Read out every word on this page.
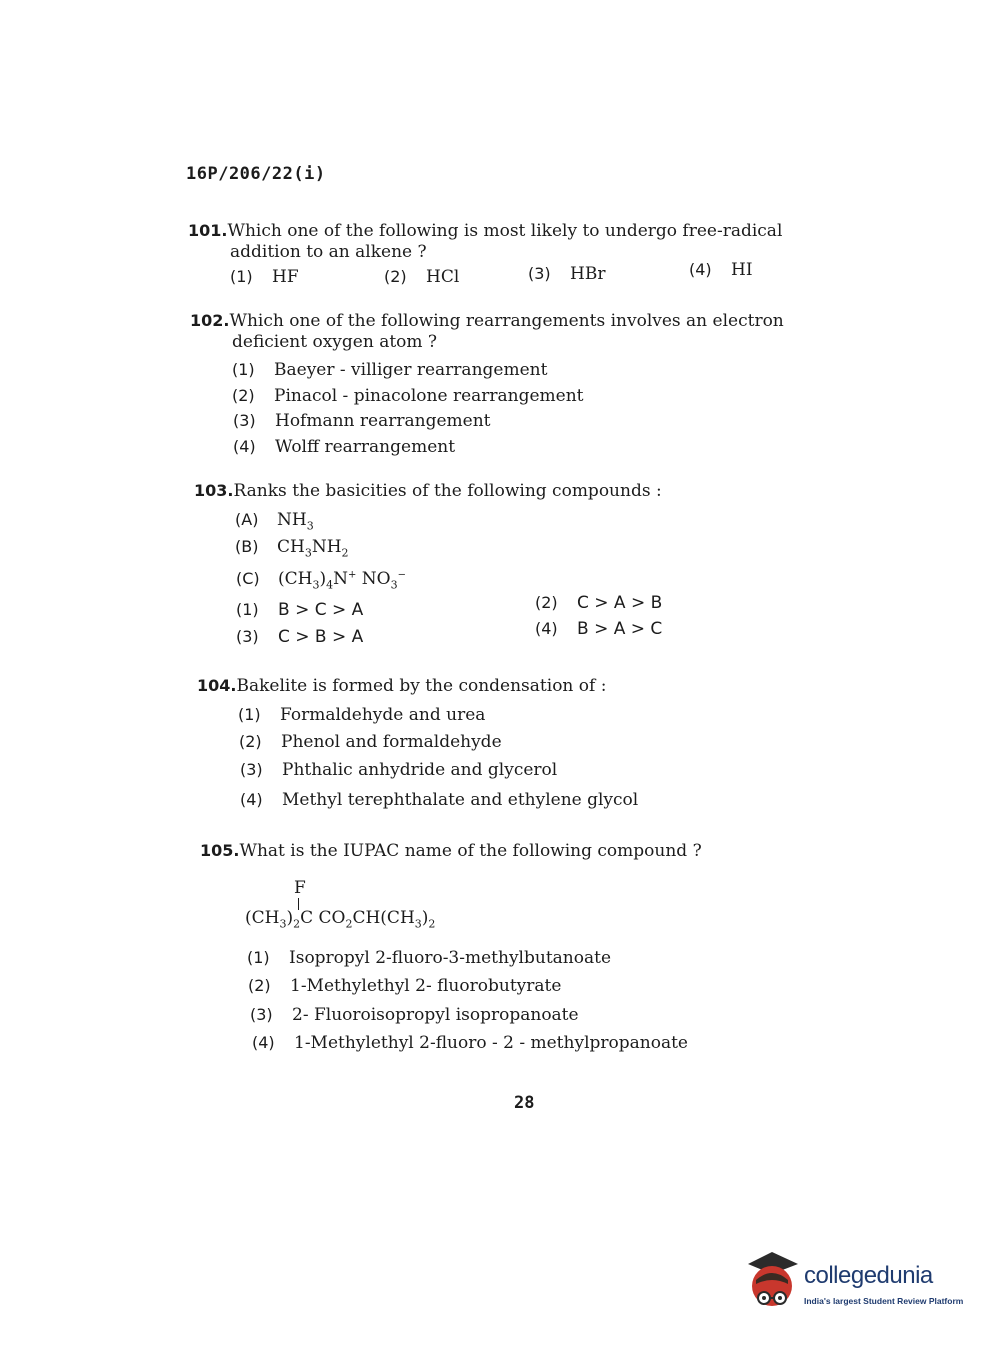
16P/206/22(i)
101.Which one of the following is most likely to undergo free-radical
addition to an alkene ?
(1) HF	(2) HCl	(3) HBr	(4) HI
102.Which one of the following rearrangements involves an electron
deficient oxygen atom ?
(1) Baeyer - villiger rearrangement
(2) Pinacol - pinacolone rearrangement
(3) Hofmann rearrangement
(4) Wolff rearrangement
103.Ranks the basicities of the following compounds :
(A) $NH_3$
(B) $CH_3NH_2$
(C) $(CH_3)_4N^+$ $NO_3^-$
(1) B > C > A	(2) C > A > B
(3) C > B > A	(4) B > A > C
104.Bakelite is formed by the condensation of :
(1) Formaldehyde and urea
(2) Phenol and formaldehyde
(3) Phthalic anhydride and glycerol
(4) Methyl terephthalate and ethylene glycol
105.What is the IUPAC name of the following compound ?
F
$(CH_3)_2C$ $CO_2CH(CH_3)_2$
(1) Isopropyl 2-fluoro-3-methylbutanoate
(2) 1-Methylethyl 2- fluorobutyrate
(3) 2- Fluoroisopropyl isopropanoate
(4) 1-Methylethyl 2-fluoro - 2 - methylpropanoate
28
collegedunia
India's largest Student Review Platform
